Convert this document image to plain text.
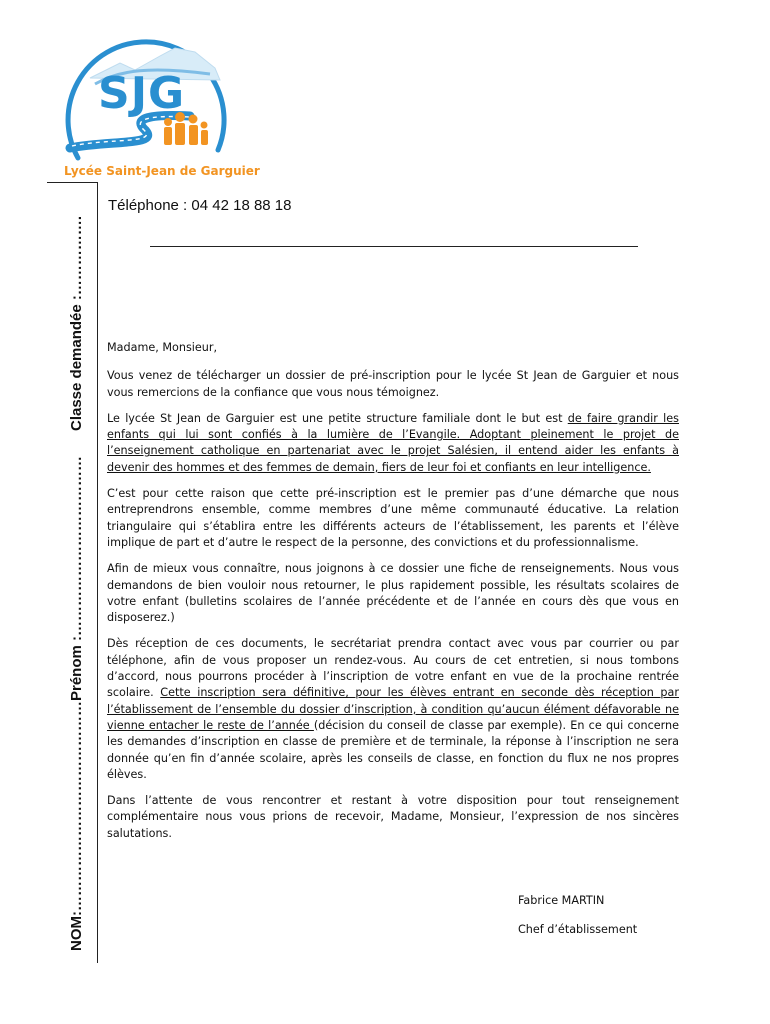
SJG
Lycée Saint-Jean de Garguier
NOM:…………………………………….
Prénom :………………………………
Classe demandée :…………….
Téléphone : 04 42 18 88 18

Madame, Monsieur,

Vous venez de télécharger un dossier de pré-inscription pour le lycée St Jean de Garguier et nous vous remercions de la confiance que vous nous témoignez.

Le lycée St Jean de Garguier est une petite structure familiale dont le but est de faire grandir les enfants qui lui sont confiés à la lumière de l’Evangile. Adoptant pleinement le projet de l’enseignement catholique en partenariat avec le projet Salésien, il entend aider les enfants à devenir des hommes et des femmes de demain, fiers de leur foi et confiants en leur intelligence.

C’est pour cette raison que cette pré-inscription est le premier pas d’une démarche que nous entreprendrons ensemble, comme membres d’une même communauté éducative. La relation triangulaire qui s’établira entre les différents acteurs de l’établissement, les parents et l’élève implique de part et d’autre le respect de la personne, des convictions et du professionnalisme.

Afin de mieux vous connaître, nous joignons à ce dossier une fiche de renseignements. Nous vous demandons de bien vouloir nous retourner, le plus rapidement possible, les résultats scolaires de votre enfant (bulletins scolaires de l’année précédente et de l’année en cours dès que vous en disposerez.)

Dès réception de ces documents, le secrétariat prendra contact avec vous par courrier ou par téléphone, afin de vous proposer un rendez-vous. Au cours de cet entretien, si nous tombons d’accord, nous pourrons procéder à l’inscription de votre enfant en vue de la prochaine rentrée scolaire. Cette inscription sera définitive, pour les élèves entrant en seconde dès réception par l’établissement de l’ensemble du dossier d’inscription, à condition qu’aucun élément défavorable ne vienne entacher le reste de l’année (décision du conseil de classe par exemple). En ce qui concerne les demandes d’inscription en classe de première et de terminale, la réponse à l’inscription ne sera donnée qu’en fin d’année scolaire, après les conseils de classe, en fonction du flux ne nos propres élèves.

Dans l’attente de vous rencontrer et restant à votre disposition pour tout renseignement complémentaire nous vous prions de recevoir, Madame, Monsieur, l’expression de nos sincères salutations.

Fabrice MARTIN
Chef d’établissement
